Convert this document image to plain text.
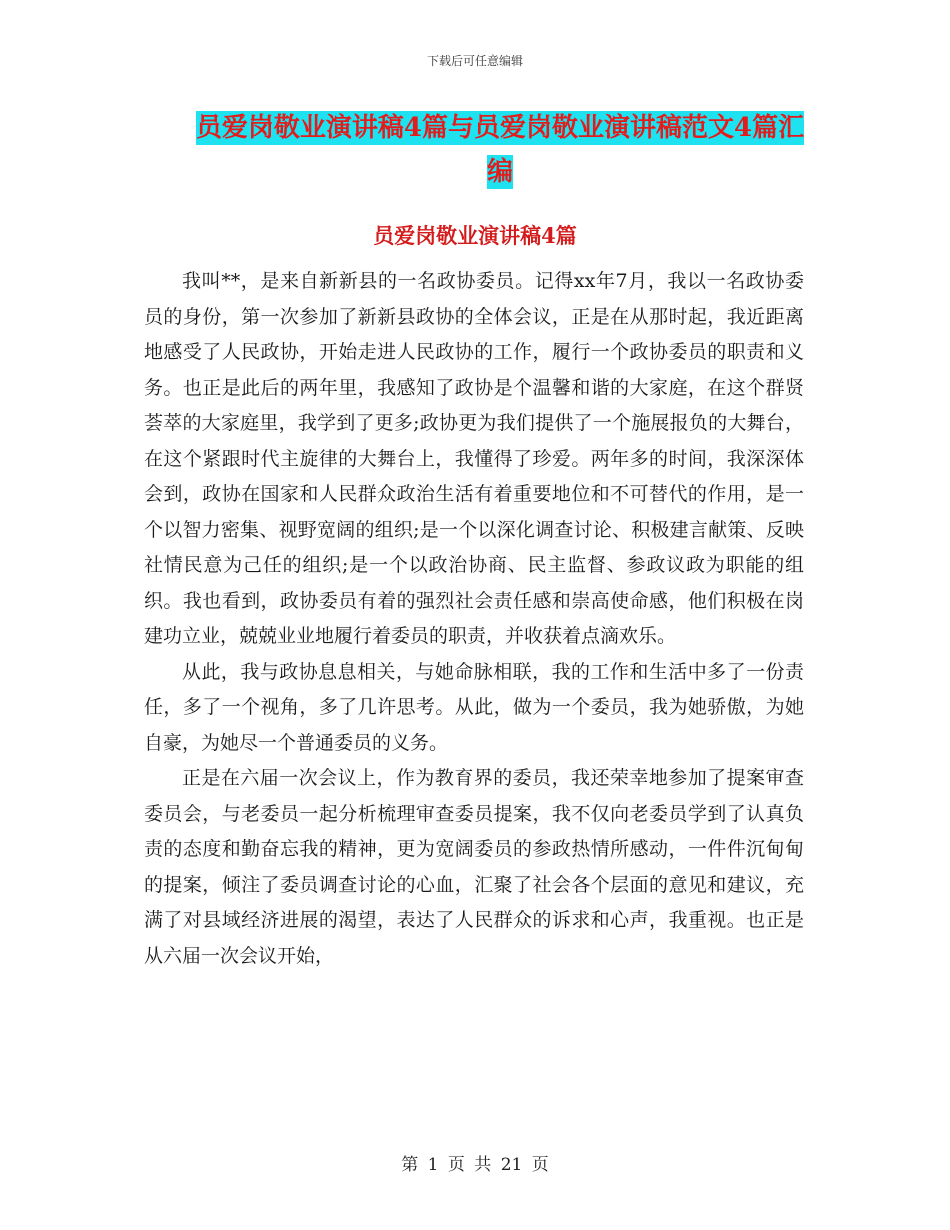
下载后可任意编辑
员爱岗敬业演讲稿4篇与员爱岗敬业演讲稿范文4篇汇编
员爱岗敬业演讲稿4篇

我叫**，是来自新新县的一名政协委员。记得xx年7月，我以一名政协委员的身份，第一次参加了新新县政协的全体会议，正是在从那时起，我近距离地感受了人民政协，开始走进人民政协的工作，履行一个政协委员的职责和义务。也正是此后的两年里，我感知了政协是个温馨和谐的大家庭，在这个群贤荟萃的大家庭里，我学到了更多;政协更为我们提供了一个施展报负的大舞台，在这个紧跟时代主旋律的大舞台上，我懂得了珍爱。两年多的时间，我深深体会到，政协在国家和人民群众政治生活有着重要地位和不可替代的作用，是一个以智力密集、视野宽阔的组织;是一个以深化调查讨论、积极建言献策、反映社情民意为己任的组织;是一个以政治协商、民主监督、参政议政为职能的组织。我也看到，政协委员有着的强烈社会责任感和崇高使命感，他们积极在岗建功立业，兢兢业业地履行着委员的职责，并收获着点滴欢乐。

从此，我与政协息息相关，与她命脉相联，我的工作和生活中多了一份责任，多了一个视角，多了几许思考。从此，做为一个委员，我为她骄傲，为她自豪，为她尽一个普通委员的义务。

正是在六届一次会议上，作为教育界的委员，我还荣幸地参加了提案审查委员会，与老委员一起分析梳理审查委员提案，我不仅向老委员学到了认真负责的态度和勤奋忘我的精神，更为宽阔委员的参政热情所感动，一件件沉甸甸的提案，倾注了委员调查讨论的心血，汇聚了社会各个层面的意见和建议，充满了对县域经济进展的渴望，表达了人民群众的诉求和心声，我重视。也正是从六届一次会议开始，

第 1 页 共 21 页
